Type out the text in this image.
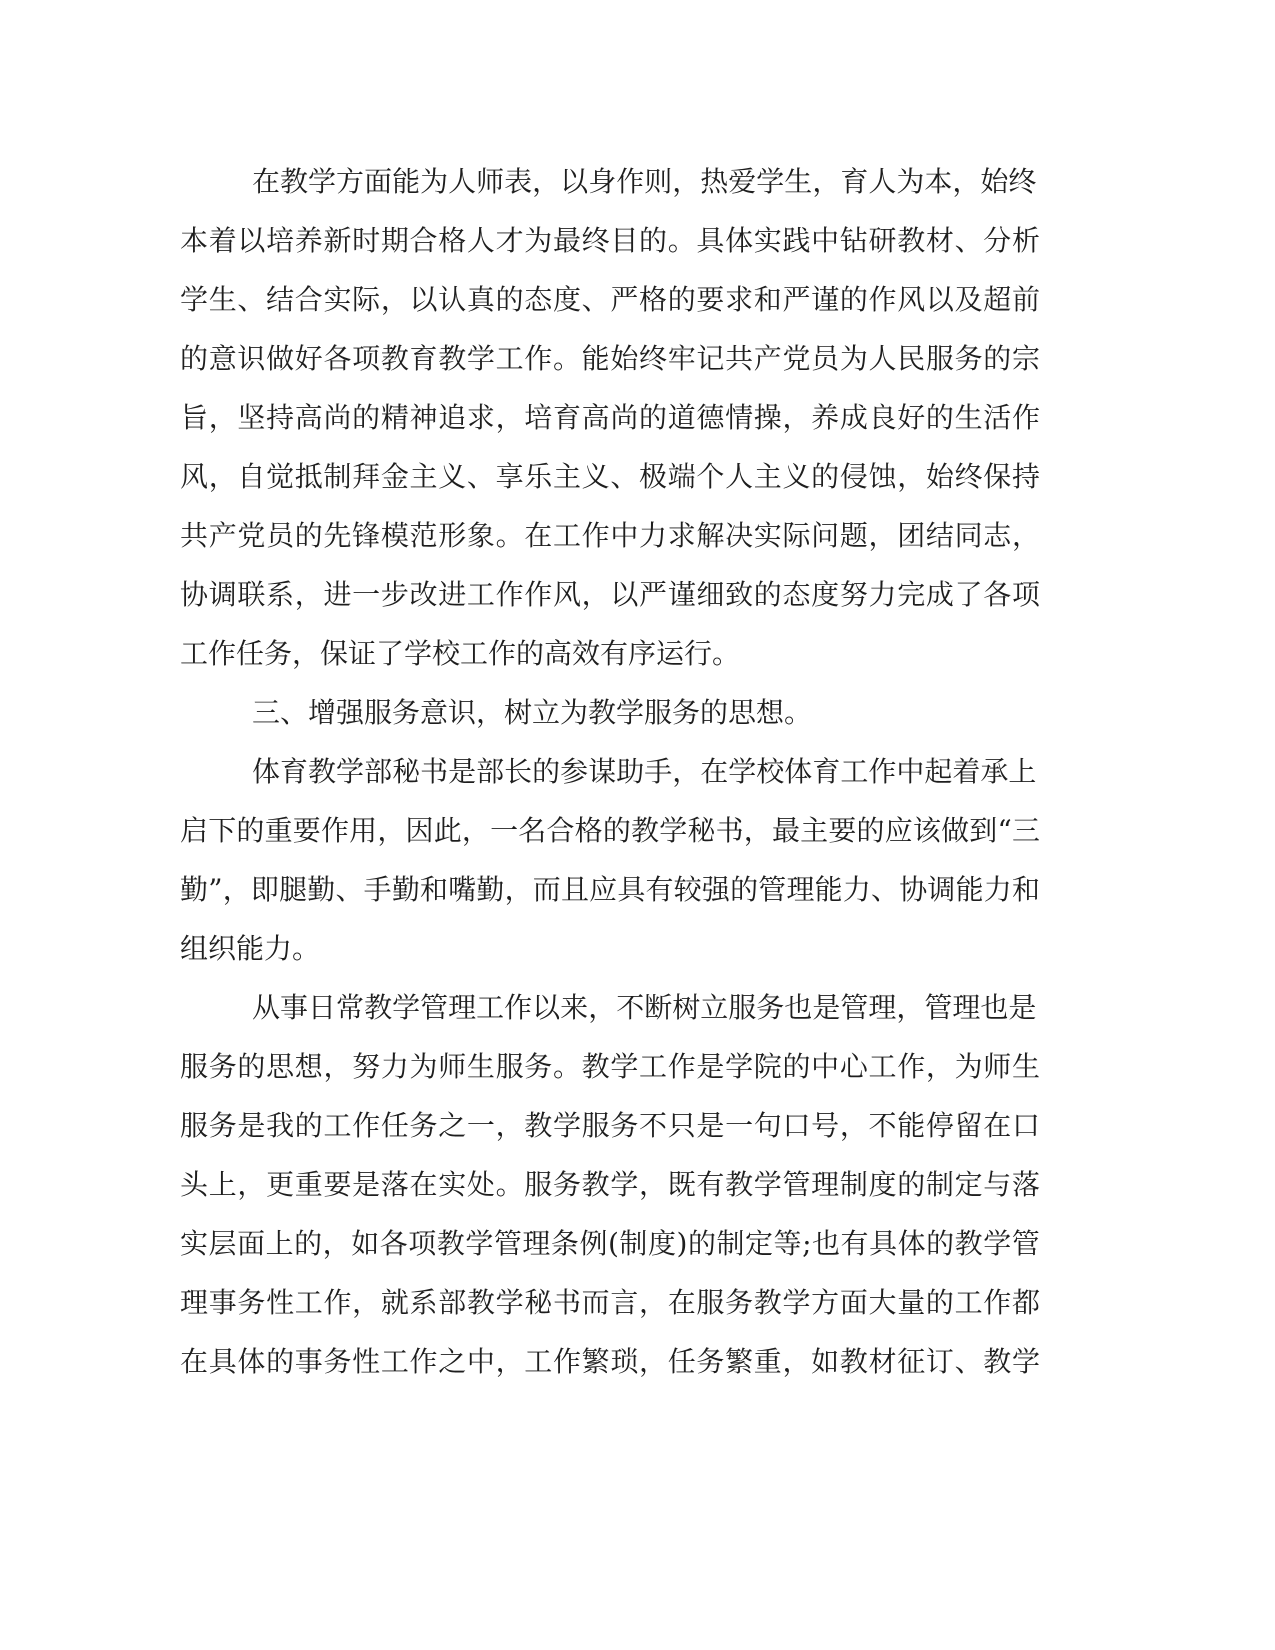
在 教 学 方 面 能 为 人 师 表 ， 以 身 作 则 ， 热 爱 学 生 ， 育 人 为 本 ， 始 终

本 着 以 培 养 新 时 期 合 格 人 才 为 最 终 目 的 。 具 体 实 践 中 钻 研 教 材 、 分 析

学 生 、 结 合 实 际 ， 以 认 真 的 态 度 、 严 格 的 要 求 和 严 谨 的 作 风 以 及 超 前

的 意 识 做 好 各 项 教 育 教 学 工 作 。 能 始 终 牢 记 共 产 党 员 为 人 民 服 务 的 宗

旨 ， 坚 持 高 尚 的 精 神 追 求 ， 培 育 高 尚 的 道 德 情 操 ， 养 成 良 好 的 生 活 作

风 ， 自 觉 抵 制 拜 金 主 义 、 享 乐 主 义 、 极 端 个 人 主 义 的 侵 蚀 ， 始 终 保 持

共 产 党 员 的 先 锋 模 范 形 象 。 在 工 作 中 力 求 解 决 实 际 问 题 ， 团 结 同 志 ，

协 调 联 系 ， 进 一 步 改 进 工 作 作 风 ， 以 严 谨 细 致 的 态 度 努 力 完 成 了 各 项

工作任务，保证了学校工作的高效有序运行。

三、增强服务意识，树立为教学服务的思想。

体 育 教 学 部 秘 书 是 部 长 的 参 谋 助 手 ， 在 学 校 体 育 工 作 中 起 着 承 上

启 下 的 重 要 作 用 ， 因 此 ， 一 名 合 格 的 教 学 秘 书 ， 最 主 要 的 应 该 做 到 “ 三

勤 ” ， 即 腿 勤 、 手 勤 和 嘴 勤 ， 而 且 应 具 有 较 强 的 管 理 能 力 、 协 调 能 力 和

组织能力。

从 事 日 常 教 学 管 理 工 作 以 来 ， 不 断 树 立 服 务 也 是 管 理 ， 管 理 也 是

服 务 的 思 想 ， 努 力 为 师 生 服 务 。 教 学 工 作 是 学 院 的 中 心 工 作 ， 为 师 生

服 务 是 我 的 工 作 任 务 之 一 ， 教 学 服 务 不 只 是 一 句 口 号 ， 不 能 停 留 在 口

头 上 ， 更 重 要 是 落 在 实 处 。 服 务 教 学 ， 既 有 教 学 管 理 制 度 的 制 定 与 落

实 层 面 上 的 ， 如 各 项 教 学 管 理 条 例 ( 制 度 ) 的 制 定 等 ; 也 有 具 体 的 教 学 管

理 事 务 性 工 作 ， 就 系 部 教 学 秘 书 而 言 ， 在 服 务 教 学 方 面 大 量 的 工 作 都

在 具 体 的 事 务 性 工 作 之 中 ， 工 作 繁 琐 ， 任 务 繁 重 ， 如 教 材 征 订 、 教 学
